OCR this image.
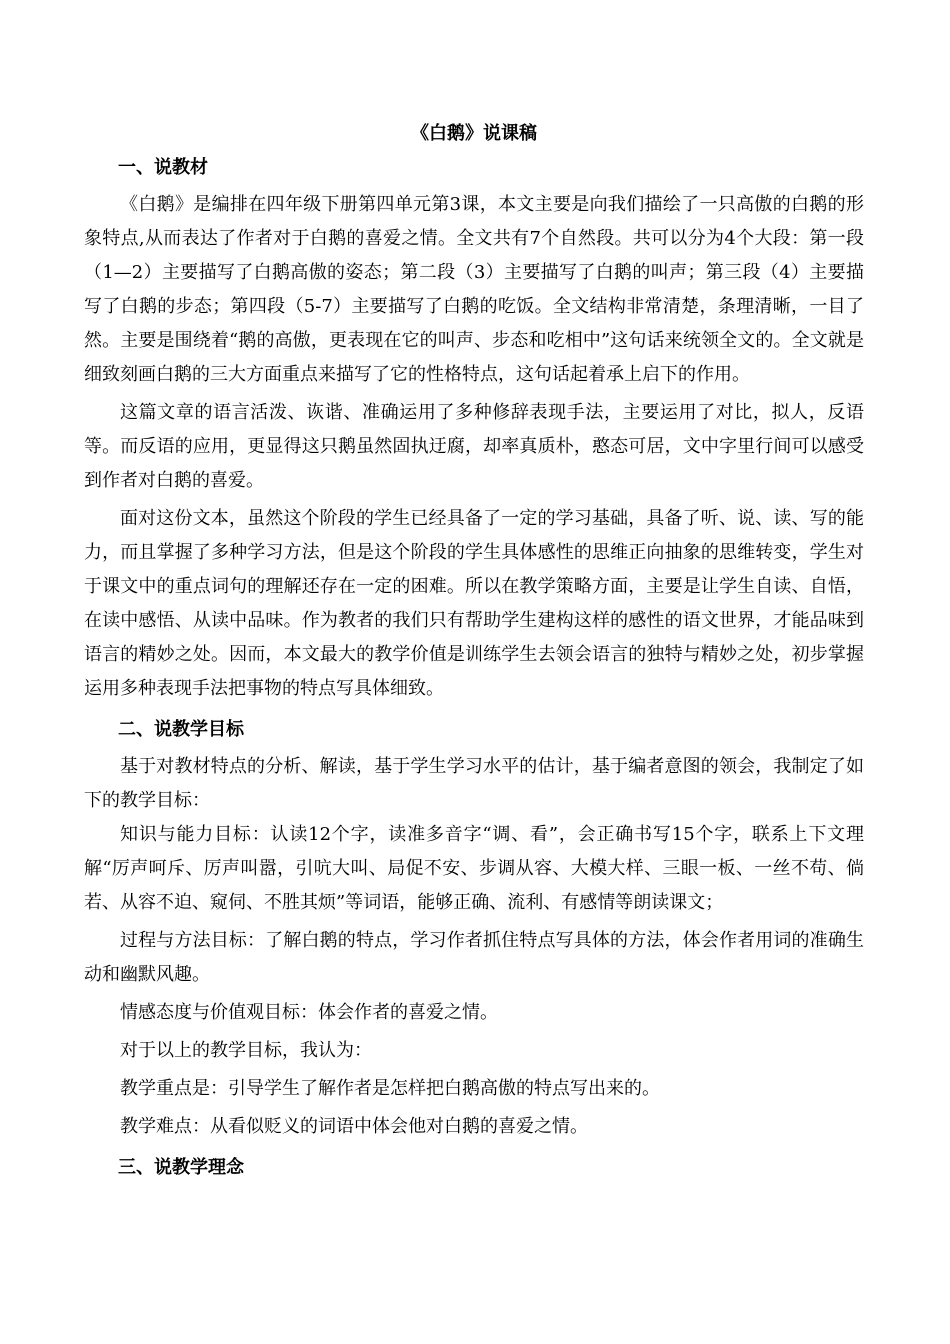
《白鹅》说课稿
一、说教材

《白鹅》是编排在四年级下册第四单元第3课，本文主要是向我们描绘了一只高傲的白鹅的形象特点,从而表达了作者对于白鹅的喜爱之情。全文共有7个自然段。共可以分为4个大段：第一段（1—2）主要描写了白鹅高傲的姿态；第二段（3）主要描写了白鹅的叫声；第三段（4）主要描写了白鹅的步态；第四段（5-7）主要描写了白鹅的吃饭。全文结构非常清楚，条理清晰，一目了然。主要是围绕着“鹅的高傲，更表现在它的叫声、步态和吃相中”这句话来统领全文的。全文就是细致刻画白鹅的三大方面重点来描写了它的性格特点，这句话起着承上启下的作用。

这篇文章的语言活泼、诙谐、准确运用了多种修辞表现手法，主要运用了对比，拟人，反语等。而反语的应用，更显得这只鹅虽然固执迂腐，却率真质朴，憨态可居，文中字里行间可以感受到作者对白鹅的喜爱。

面对这份文本，虽然这个阶段的学生已经具备了一定的学习基础，具备了听、说、读、写的能力，而且掌握了多种学习方法，但是这个阶段的学生具体感性的思维正向抽象的思维转变，学生对于课文中的重点词句的理解还存在一定的困难。所以在教学策略方面，主要是让学生自读、自悟，在读中感悟、从读中品味。作为教者的我们只有帮助学生建构这样的感性的语文世界，才能品味到语言的精妙之处。因而，本文最大的教学价值是训练学生去领会语言的独特与精妙之处，初步掌握运用多种表现手法把事物的特点写具体细致。

二、说教学目标

基于对教材特点的分析、解读，基于学生学习水平的估计，基于编者意图的领会，我制定了如下的教学目标：

知识与能力目标：认读12个字，读准多音字“调、看”，会正确书写15个字，联系上下文理解“厉声呵斥、厉声叫嚣，引吭大叫、局促不安、步调从容、大模大样、三眼一板、一丝不苟、倘若、从容不迫、窥伺、不胜其烦”等词语，能够正确、流利、有感情等朗读课文；

过程与方法目标：了解白鹅的特点，学习作者抓住特点写具体的方法，体会作者用词的准确生动和幽默风趣。

情感态度与价值观目标：体会作者的喜爱之情。

对于以上的教学目标，我认为：

教学重点是：引导学生了解作者是怎样把白鹅高傲的特点写出来的。

教学难点：从看似贬义的词语中体会他对白鹅的喜爱之情。

三、说教学理念
